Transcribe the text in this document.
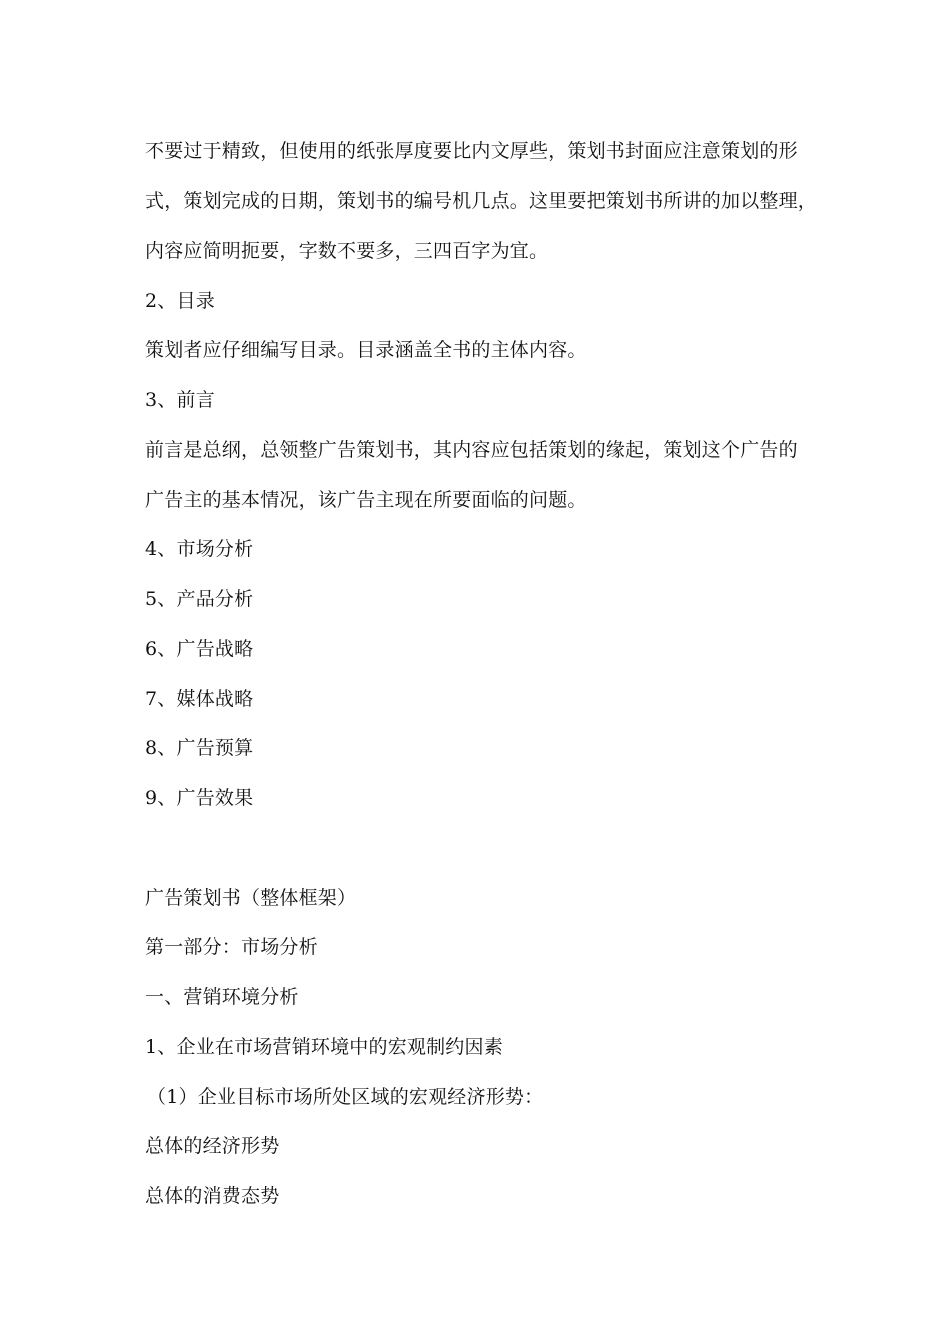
不要过于精致，但使用的纸张厚度要比内文厚些，策划书封面应注意策划的形
式，策划完成的日期，策划书的编号机几点。这里要把策划书所讲的加以整理，
内容应简明扼要，字数不要多，三四百字为宜。
2、目录
策划者应仔细编写目录。目录涵盖全书的主体内容。
3、前言
前言是总纲，总领整广告策划书，其内容应包括策划的缘起，策划这个广告的
广告主的基本情况，该广告主现在所要面临的问题。
4、市场分析
5、产品分析
6、广告战略
7、媒体战略
8、广告预算
9、广告效果
广告策划书（整体框架）
第一部分：市场分析
一、营销环境分析
1、企业在市场营销环境中的宏观制约因素
（1）企业目标市场所处区域的宏观经济形势：
总体的经济形势
总体的消费态势
